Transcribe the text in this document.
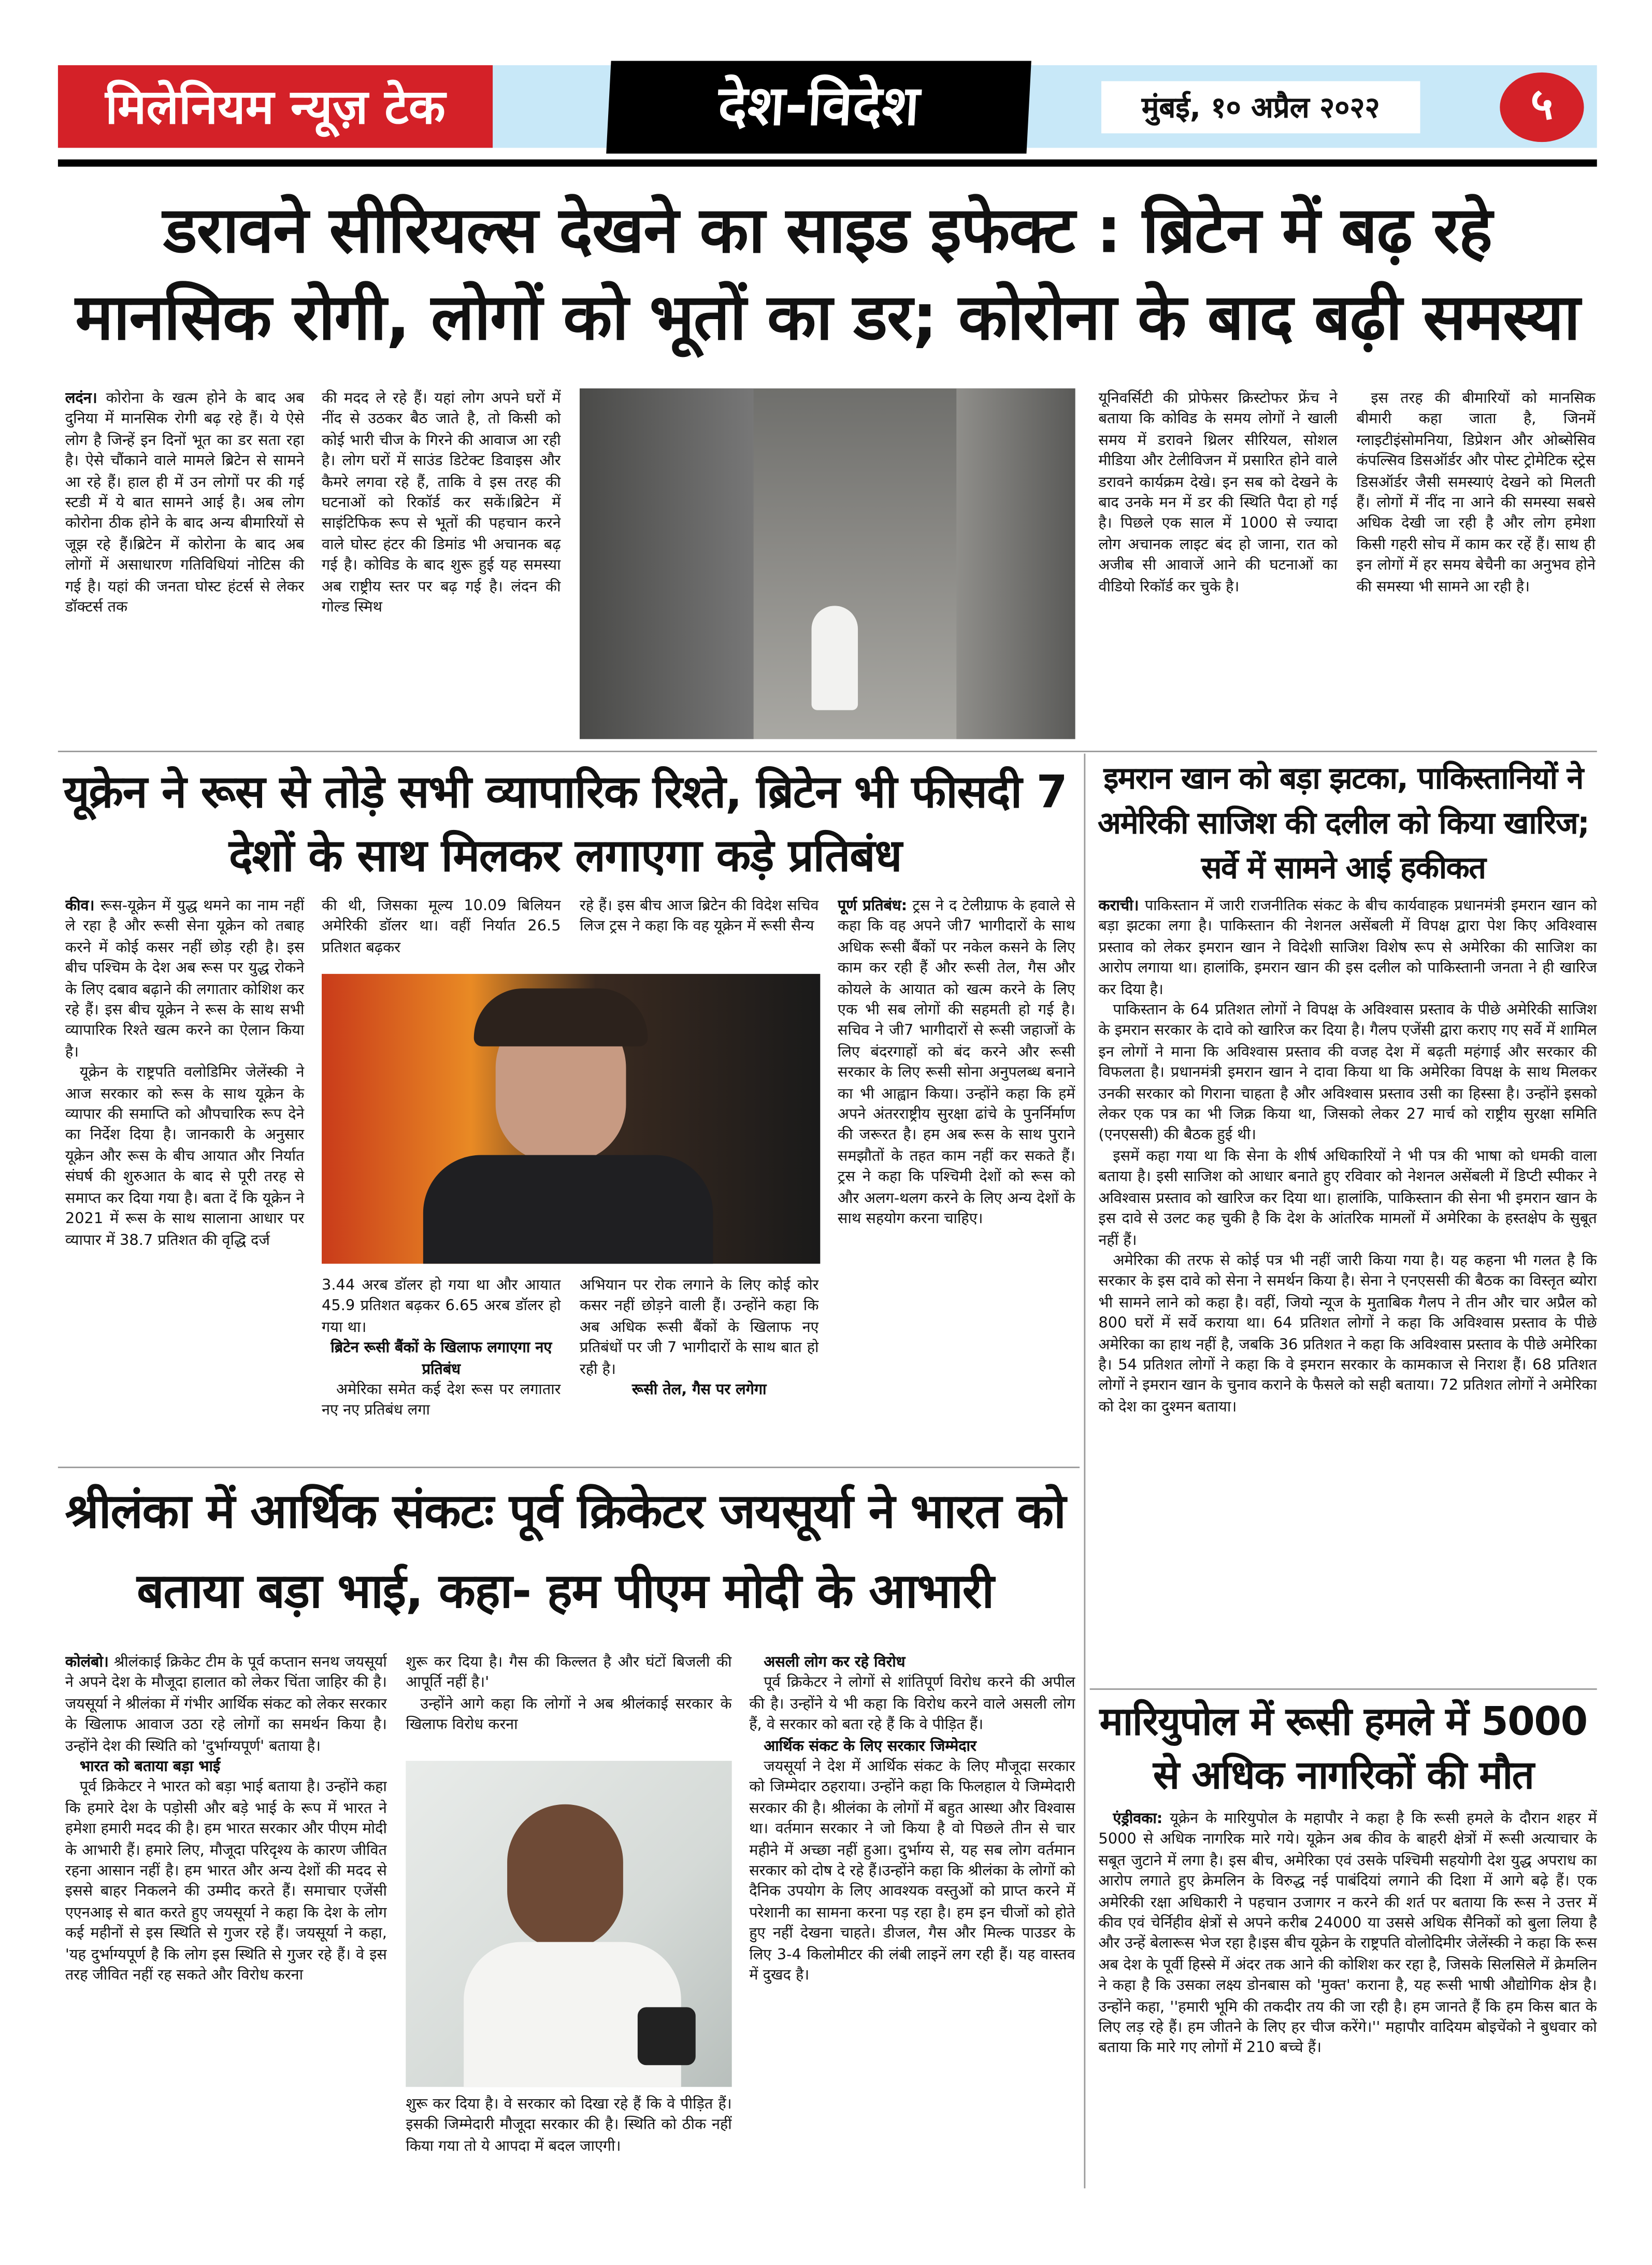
मिलेनियम न्यूज़ टेक	देश-विदेश	मुंबई, १० अप्रैल २०२२	५
डरावने सीरियल्स देखने का साइड इफेक्ट : ब्रिटेन में बढ़ रहे मानसिक रोगी, लोगों को भूतों का डर; कोरोना के बाद बढ़ी समस्या

लदंन। कोरोना के खत्म होने के बाद अब दुनिया में मानसिक रोगी बढ़ रहे हैं। ये ऐसे लोग है जिन्हें इन दिनों भूत का डर सता रहा है। ऐसे चौंकाने वाले मामले ब्रिटेन से सामने आ रहे हैं। हाल ही में उन लोगों पर की गई स्टडी में ये बात सामने आई है। अब लोग कोरोना ठीक होने के बाद अन्य बीमारियों से जूझ रहे हैं।ब्रिटेन में कोरोना के बाद अब लोगों में असाधारण गतिविधियां नोटिस की गई है। यहां की जनता घोस्ट हंटर्स से लेकर डॉक्टर्स तक

की मदद ले रहे हैं। यहां लोग अपने घरों में नींद से उठकर बैठ जाते है, तो किसी को कोई भारी चीज के गिरने की आवाज आ रही है। लोग घरों में साउंड डिटेक्ट डिवाइस और कैमरे लगवा रहे हैं, ताकि वे इस तरह की घटनाओं को रिकॉर्ड कर सकें।ब्रिटेन में साइंटिफिक रूप से भूतों की पहचान करने वाले घोस्ट हंटर की डिमांड भी अचानक बढ़ गई है। कोविड के बाद शुरू हुई यह समस्या अब राष्ट्रीय स्तर पर बढ़ गई है। लंदन की गोल्ड स्मिथ

यूनिवर्सिटी की प्रोफेसर क्रिस्टोफर फ्रेंच ने बताया कि कोविड के समय लोगों ने खाली समय में डरावने थ्रिलर सीरियल, सोशल मीडिया और टेलीविजन में प्रसारित होने वाले डरावने कार्यक्रम देखे। इन सब को देखने के बाद उनके मन में डर की स्थिति पैदा हो गई है। पिछले एक साल में 1000 से ज्यादा लोग अचानक लाइट बंद हो जाना, रात को अजीब सी आवाजें आने की घटनाओं का वीडियो रिकॉर्ड कर चुके है।

इस तरह की बीमारियों को मानसिक बीमारी कहा जाता है, जिनमें ग्लाइटीइंसोमनिया, डिप्रेशन और ओब्सेसिव कंपल्सिव डिसऑर्डर और पोस्ट ट्रोमेटिक स्ट्रेस डिसऑर्डर जैसी समस्याएं देखने को मिलती हैं। लोगों में नींद ना आने की समस्या सबसे अधिक देखी जा रही है और लोग हमेशा किसी गहरी सोच में काम कर रहें हैं। साथ ही इन लोगों में हर समय बेचैनी का अनुभव होने की समस्या भी सामने आ रही है।

यूक्रेन ने रूस से तोड़े सभी व्यापारिक रिश्ते, ब्रिटेन भी फीसदी 7 देशों के साथ मिलकर लगाएगा कड़े प्रतिबंध

कीव। रूस-यूक्रेन में युद्ध थमने का नाम नहीं ले रहा है और रूसी सेना यूक्रेन को तबाह करने में कोई कसर नहीं छोड़ रही है। इस बीच पश्चिम के देश अब रूस पर युद्ध रोकने के लिए दबाव बढ़ाने की लगातार कोशिश कर रहे हैं। इस बीच यूक्रेन ने रूस के साथ सभी व्यापारिक रिश्ते खत्म करने का ऐलान किया है।

यूक्रेन के राष्ट्रपति वलोडिमिर जेलेंस्की ने आज सरकार को रूस के साथ यूक्रेन के व्यापार की समाप्ति को औपचारिक रूप देने का निर्देश दिया है। जानकारी के अनुसार यूक्रेन और रूस के बीच आयात और निर्यात संघर्ष की शुरुआत के बाद से पूरी तरह से समाप्त कर दिया गया है। बता दें कि यूक्रेन ने 2021 में रूस के साथ सालाना आधार पर व्यापार में 38.7 प्रतिशत की वृद्धि दर्ज

की थी, जिसका मूल्य 10.09 बिलियन अमेरिकी डॉलर था। वहीं निर्यात 26.5 प्रतिशत बढ़कर

रहे हैं। इस बीच आज ब्रिटेन की विदेश सचिव लिज ट्रस ने कहा कि वह यूक्रेन में रूसी सैन्य

3.44 अरब डॉलर हो गया था और आयात 45.9 प्रतिशत बढ़कर 6.65 अरब डॉलर हो गया था।

ब्रिटेन रूसी बैंकों के खिलाफ लगाएगा नए प्रतिबंध

अमेरिका समेत कई देश रूस पर लगातार नए नए प्रतिबंध लगा

अभियान पर रोक लगाने के लिए कोई कोर कसर नहीं छोड़ने वाली हैं। उन्होंने कहा कि अब अधिक रूसी बैंकों के खिलाफ नए प्रतिबंधों पर जी 7 भागीदारों के साथ बात हो रही है।

रूसी तेल, गैस पर लगेगा

पूर्ण प्रतिबंध: ट्रस ने द टेलीग्राफ के हवाले से कहा कि वह अपने जी7 भागीदारों के साथ अधिक रूसी बैंकों पर नकेल कसने के लिए काम कर रही हैं और रूसी तेल, गैस और कोयले के आयात को खत्म करने के लिए एक भी सब लोगों की सहमती हो गई है। सचिव ने जी7 भागीदारों से रूसी जहाजों के लिए बंदरगाहों को बंद करने और रूसी सरकार के लिए रूसी सोना अनुपलब्ध बनाने का भी आह्वान किया। उन्होंने कहा कि हमें अपने अंतरराष्ट्रीय सुरक्षा ढांचे के पुनर्निर्माण की जरूरत है। हम अब रूस के साथ पुराने समझौतों के तहत काम नहीं कर सकते हैं। ट्रस ने कहा कि पश्चिमी देशों को रूस को और अलग-थलग करने के लिए अन्य देशों के साथ सहयोग करना चाहिए।

इमरान खान को बड़ा झटका, पाकिस्तानियों ने अमेरिकी साजिश की दलील को किया खारिज; सर्वे में सामने आई हकीकत

कराची। पाकिस्तान में जारी राजनीतिक संकट के बीच कार्यवाहक प्रधानमंत्री इमरान खान को बड़ा झटका लगा है। पाकिस्तान की नेशनल असेंबली में विपक्ष द्वारा पेश किए अविश्वास प्रस्ताव को लेकर इमरान खान ने विदेशी साजिश विशेष रूप से अमेरिका की साजिश का आरोप लगाया था। हालांकि, इमरान खान की इस दलील को पाकिस्तानी जनता ने ही खारिज कर दिया है।

पाकिस्तान के 64 प्रतिशत लोगों ने विपक्ष के अविश्वास प्रस्ताव के पीछे अमेरिकी साजिश के इमरान सरकार के दावे को खारिज कर दिया है। गैलप एजेंसी द्वारा कराए गए सर्वे में शामिल इन लोगों ने माना कि अविश्वास प्रस्ताव की वजह देश में बढ़ती महंगाई और सरकार की विफलता है। प्रधानमंत्री इमरान खान ने दावा किया था कि अमेरिका विपक्ष के साथ मिलकर उनकी सरकार को गिराना चाहता है और अविश्वास प्रस्ताव उसी का हिस्सा है। उन्होंने इसको लेकर एक पत्र का भी जिक्र किया था, जिसको लेकर 27 मार्च को राष्ट्रीय सुरक्षा समिति (एनएससी) की बैठक हुई थी।

इसमें कहा गया था कि सेना के शीर्ष अधिकारियों ने भी पत्र की भाषा को धमकी वाला बताया है। इसी साजिश को आधार बनाते हुए रविवार को नेशनल असेंबली में डिप्टी स्पीकर ने अविश्वास प्रस्ताव को खारिज कर दिया था। हालांकि, पाकिस्तान की सेना भी इमरान खान के इस दावे से उलट कह चुकी है कि देश के आंतरिक मामलों में अमेरिका के हस्तक्षेप के सुबूत नहीं हैं।

अमेरिका की तरफ से कोई पत्र भी नहीं जारी किया गया है। यह कहना भी गलत है कि सरकार के इस दावे को सेना ने समर्थन किया है। सेना ने एनएससी की बैठक का विस्तृत ब्योरा भी सामने लाने को कहा है। वहीं, जियो न्यूज के मुताबिक गैलप ने तीन और चार अप्रैल को 800 घरों में सर्वे कराया था। 64 प्रतिशत लोगों ने कहा कि अविश्वास प्रस्ताव के पीछे अमेरिका का हाथ नहीं है, जबकि 36 प्रतिशत ने कहा कि अविश्वास प्रस्ताव के पीछे अमेरिका है। 54 प्रतिशत लोगों ने कहा कि वे इमरान सरकार के कामकाज से निराश हैं। 68 प्रतिशत लोगों ने इमरान खान के चुनाव कराने के फैसले को सही बताया। 72 प्रतिशत लोगों ने अमेरिका को देश का दुश्मन बताया।

श्रीलंका में आर्थिक संकटः पूर्व क्रिकेटर जयसूर्या ने भारत को बताया बड़ा भाई, कहा- हम पीएम मोदी के आभारी

कोलंबो। श्रीलंकाई क्रिकेट टीम के पूर्व कप्तान सनथ जयसूर्या ने अपने देश के मौजूदा हालात को लेकर चिंता जाहिर की है। जयसूर्या ने श्रीलंका में गंभीर आर्थिक संकट को लेकर सरकार के खिलाफ आवाज उठा रहे लोगों का समर्थन किया है। उन्होंने देश की स्थिति को 'दुर्भाग्यपूर्ण' बताया है।

भारत को बताया बड़ा भाई

पूर्व क्रिकेटर ने भारत को बड़ा भाई बताया है। उन्होंने कहा कि हमारे देश के पड़ोसी और बड़े भाई के रूप में भारत ने हमेशा हमारी मदद की है। हम भारत सरकार और पीएम मोदी के आभारी हैं। हमारे लिए, मौजूदा परिदृश्य के कारण जीवित रहना आसान नहीं है। हम भारत और अन्य देशों की मदद से इससे बाहर निकलने की उम्मीद करते हैं। समाचार एजेंसी एएनआइ से बात करते हुए जयसूर्या ने कहा कि देश के लोग कई महीनों से इस स्थिति से गुजर रहे हैं। जयसूर्या ने कहा, 'यह दुर्भाग्यपूर्ण है कि लोग इस स्थिति से गुजर रहे हैं। वे इस तरह जीवित नहीं रह सकते और विरोध करना

शुरू कर दिया है। गैस की किल्लत है और घंटों बिजली की आपूर्ति नहीं है।'

उन्होंने आगे कहा कि लोगों ने अब श्रीलंकाई सरकार के खिलाफ विरोध करना

शुरू कर दिया है। वे सरकार को दिखा रहे हैं कि वे पीड़ित हैं। इसकी जिम्मेदारी मौजूदा सरकार की है। स्थिति को ठीक नहीं किया गया तो ये आपदा में बदल जाएगी।

असली लोग कर रहे विरोध

पूर्व क्रिकेटर ने लोगों से शांतिपूर्ण विरोध करने की अपील की है। उन्होंने ये भी कहा कि विरोध करने वाले असली लोग हैं, वे सरकार को बता रहे हैं कि वे पीड़ित हैं।

आर्थिक संकट के लिए सरकार जिम्मेदार

जयसूर्या ने देश में आर्थिक संकट के लिए मौजूदा सरकार को जिम्मेदार ठहराया। उन्होंने कहा कि फिलहाल ये जिम्मेदारी सरकार की है। श्रीलंका के लोगों में बहुत आस्था और विश्वास था। वर्तमान सरकार ने जो किया है वो पिछले तीन से चार महीने में अच्छा नहीं हुआ। दुर्भाग्य से, यह सब लोग वर्तमान सरकार को दोष दे रहे हैं।उन्होंने कहा कि श्रीलंका के लोगों को दैनिक उपयोग के लिए आवश्यक वस्तुओं को प्राप्त करने में परेशानी का सामना करना पड़ रहा है। हम इन चीजों को होते हुए नहीं देखना चाहते। डीजल, गैस और मिल्क पाउडर के लिए 3-4 किलोमीटर की लंबी लाइनें लग रही हैं। यह वास्तव में दुखद है।

मारियुपोल में रूसी हमले में 5000 से अधिक नागरिकों की मौत

एंड्रीवका: यूक्रेन के मारियुपोल के महापौर ने कहा है कि रूसी हमले के दौरान शहर में 5000 से अधिक नागरिक मारे गये। यूक्रेन अब कीव के बाहरी क्षेत्रों में रूसी अत्याचार के सबूत जुटाने में लगा है। इस बीच, अमेरिका एवं उसके पश्चिमी सहयोगी देश युद्ध अपराध का आरोप लगाते हुए क्रेमलिन के विरुद्ध नई पाबंदियां लगाने की दिशा में आगे बढ़े हैं। एक अमेरिकी रक्षा अधिकारी ने पहचान उजागर न करने की शर्त पर बताया कि रूस ने उत्तर में कीव एवं चेर्निहीव क्षेत्रों से अपने करीब 24000 या उससे अधिक सैनिकों को बुला लिया है और उन्हें बेलारूस भेज रहा है।इस बीच यूक्रेन के राष्ट्रपति वोलोदिमीर जेलेंस्की ने कहा कि रूस अब देश के पूर्वी हिस्से में अंदर तक आने की कोशिश कर रहा है, जिसके सिलसिले में क्रेमलिन ने कहा है कि उसका लक्ष्य डोनबास को 'मुक्त' कराना है, यह रूसी भाषी औद्योगिक क्षेत्र है। उन्होंने कहा, ''हमारी भूमि की तकदीर तय की जा रही है। हम जानते हैं कि हम किस बात के लिए लड़ रहे हैं। हम जीतने के लिए हर चीज करेंगे।'' महापौर वादियम बोइचेंको ने बुधवार को बताया कि मारे गए लोगों में 210 बच्चे हैं।
